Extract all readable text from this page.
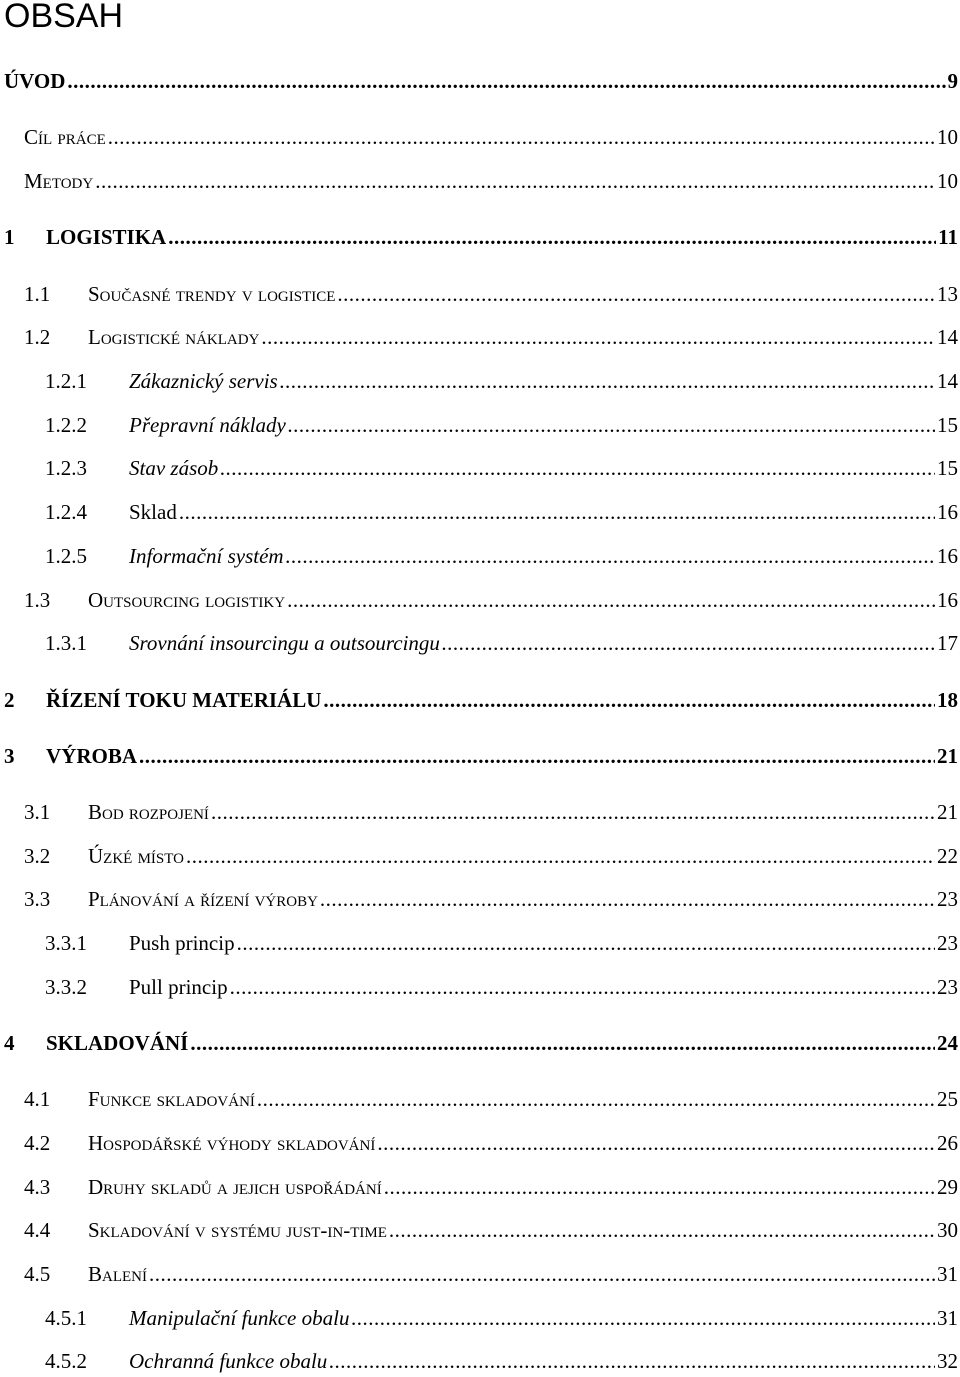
OBSAH
ÚVOD .....	9
Cíl práce .....	10
Metody .....	10
1	LOGISTIKA .....	11
1.1	Současné trendy v logistice .....	13
1.2	Logistické náklady .....	14
1.2.1	Zákaznický servis .....	14
1.2.2	Přepravní náklady .....	15
1.2.3	Stav zásob .....	15
1.2.4	Sklad .....	16
1.2.5	Informační systém .....	16
1.3	Outsourcing logistiky .....	16
1.3.1	Srovnání insourcingu a outsourcingu .....	17
2	ŘÍZENÍ TOKU MATERIÁLU .....	18
3	VÝROBA .....	21
3.1	Bod rozpojení .....	21
3.2	Úzké místo .....	22
3.3	Plánování a řízení výroby .....	23
3.3.1	Push princip .....	23
3.3.2	Pull princip .....	23
4	SKLADOVÁNÍ .....	24
4.1	Funkce skladování .....	25
4.2	Hospodářské výhody skladování .....	26
4.3	Druhy skladů a jejich uspořádání .....	29
4.4	Skladování v systému just-in-time .....	30
4.5	Balení .....	31
4.5.1	Manipulační funkce obalu .....	31
4.5.2	Ochranná funkce obalu .....	32
